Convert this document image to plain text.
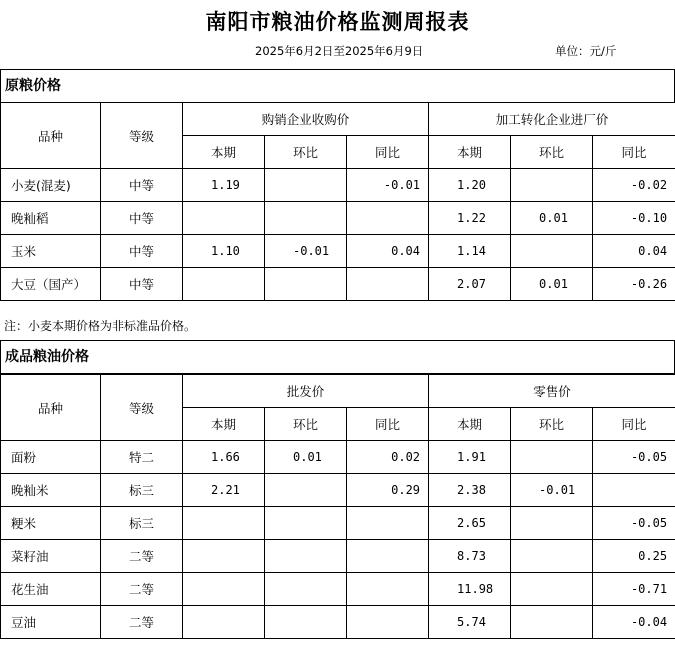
南阳市粮油价格监测周报表
2025年6月2日至2025年6月9日	单位：元/斤
原粮价格
品种	等级	购销企业收购价			加工转化企业进厂价		
		本期	环比	同比	本期	环比	同比
小麦(混麦)	中等	1.19		-0.01	1.20		-0.02
晚籼稻	中等				1.22	0.01	-0.10
玉米	中等	1.10	-0.01	0.04	1.14		0.04
大豆（国产）	中等				2.07	0.01	-0.26
注：小麦本期价格为非标准品价格。
成品粮油价格
品种	等级	批发价			零售价		
		本期	环比	同比	本期	环比	同比
面粉	特二	1.66	0.01	0.02	1.91		-0.05
晚籼米	标三	2.21		0.29	2.38	-0.01	
粳米	标三				2.65		-0.05
菜籽油	二等				8.73		0.25
花生油	二等				11.98		-0.71
豆油	二等				5.74		-0.04
